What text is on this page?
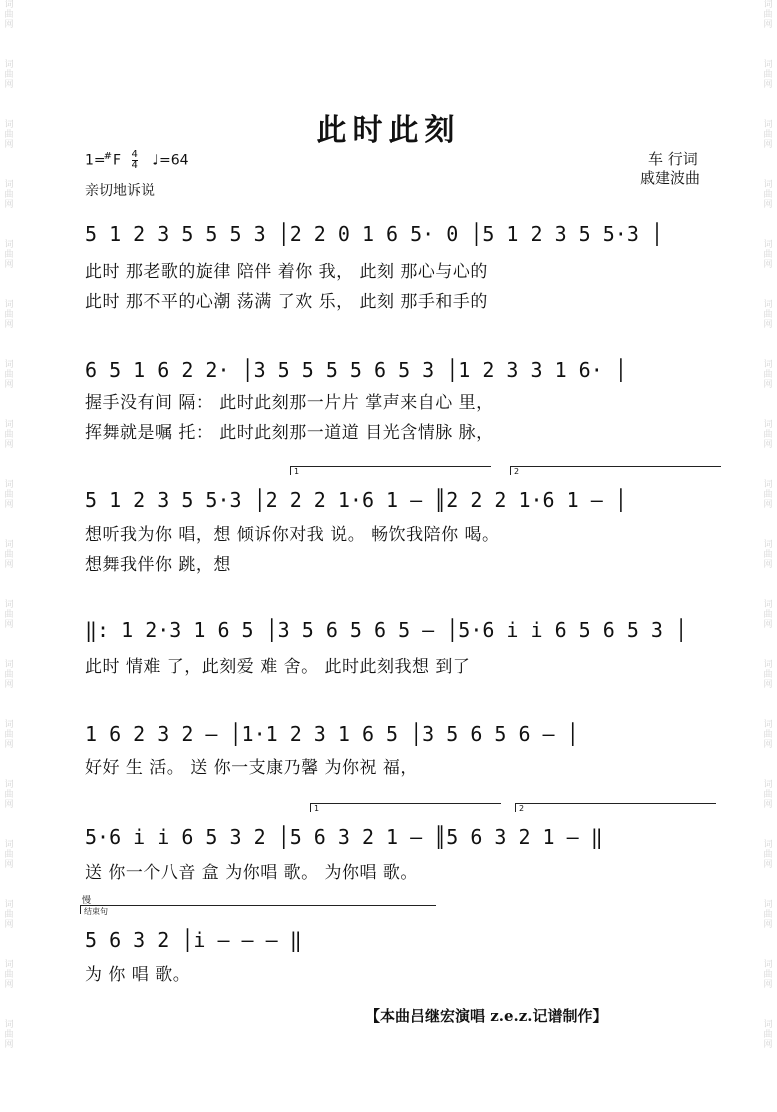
词曲网
词曲网
词曲网
词曲网
词曲网
词曲网
词曲网
词曲网
词曲网
词曲网
词曲网
词曲网
词曲网
词曲网
词曲网
词曲网
词曲网
词曲网
词曲网
词曲网
词曲网
词曲网
词曲网
词曲网
词曲网
词曲网
词曲网
词曲网
词曲网
词曲网
词曲网
词曲网
词曲网
词曲网
词曲网
词曲网
此时此刻
$1=^{\#}F \frac{4}{4}$ ♩=64
亲切地诉说
车 行词
戚建波曲
5 1 2 3 5 5 5 3 │2 2 0 1 6 5· 0 │5 1 2 3 5 5·3 │
此时 那老歌的旋律 陪伴 着你 我， 此刻 那心与心的
此时 那不平的心潮 荡满 了欢 乐， 此刻 那手和手的
6 5 1 6 2 2· │3 5 5 5 5 6 5 3 │1 2 3 3 1 6· │
握手没有间 隔： 此时此刻那一片片 掌声来自心 里，
挥舞就是嘱 托： 此时此刻那一道道 目光含情脉 脉，
1	2
5 1 2 3 5 5·3 │2 2 2 1·6 1 – ║2 2 2 1·6 1 – │
想听我为你 唱，想 倾诉你对我 说。 畅饮我陪你 喝。
想舞我伴你 跳，想
‖: 1 2·3 1 6 5 │3 5 6 5 6 5 – │5·6 i i 6 5 6 5 3 │
此时 情难 了，此刻爱 难 舍。 此时此刻我想 到了
1 6 2 3 2 – │1·1 2 3 1 6 5 │3 5 6 5 6 – │
好好 生 活。 送 你一支康乃馨 为你祝 福，
1	2
5·6 i i 6 5 3 2 │5 6 3 2 1 – ║5 6 3 2 1 – ‖
送 你一个八音 盒 为你唱 歌。 为你唱 歌。
慢
结束句
5 6 3 2 │i – – – ‖
为 你 唱 歌。
【本曲吕继宏演唱 z.e.z.记谱制作】
